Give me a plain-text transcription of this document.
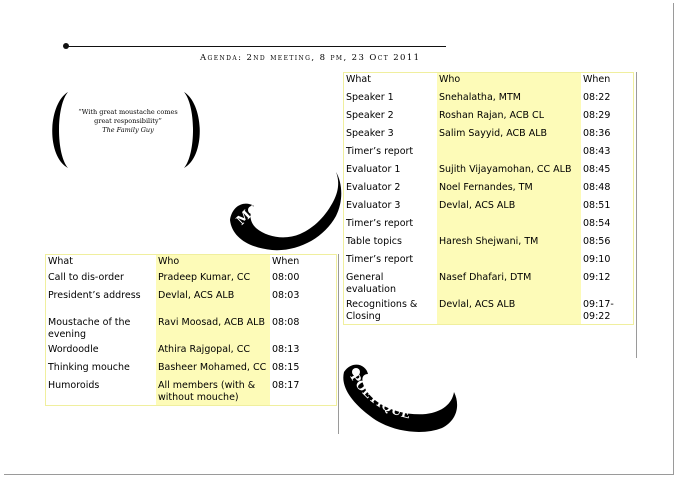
Agenda: 2nd meeting, 8 pm, 23 Oct 2011
“With great moustache comes great responsibility”
The Family Guy
MOUSTACHE
POETIQUE
What	Who	When
Call to dis-order	Pradeep Kumar, CC	08:00
President’s address	Devlal, ACS ALB	08:03
Moustache of the evening	Ravi Moosad, ACB ALB	08:08
Wordoodle	Athira Rajgopal, CC	08:13
Thinking mouche	Basheer Mohamed, CC	08:15
Humoroids	All members (with & without mouche)	08:17
What	Who	When
Speaker 1	Snehalatha, MTM	08:22
Speaker 2	Roshan Rajan, ACB CL	08:29
Speaker 3	Salim Sayyid, ACB ALB	08:36
Timer’s report		08:43
Evaluator 1	Sujith Vijayamohan, CC ALB	08:45
Evaluator 2	Noel Fernandes, TM	08:48
Evaluator 3	Devlal, ACS ALB	08:51
Timer’s report		08:54
Table topics	Haresh Shejwani, TM	08:56
Timer’s report		09:10
General evaluation	Nasef Dhafari, DTM	09:12
Recognitions & Closing	Devlal, ACS ALB	09:17-09:22
